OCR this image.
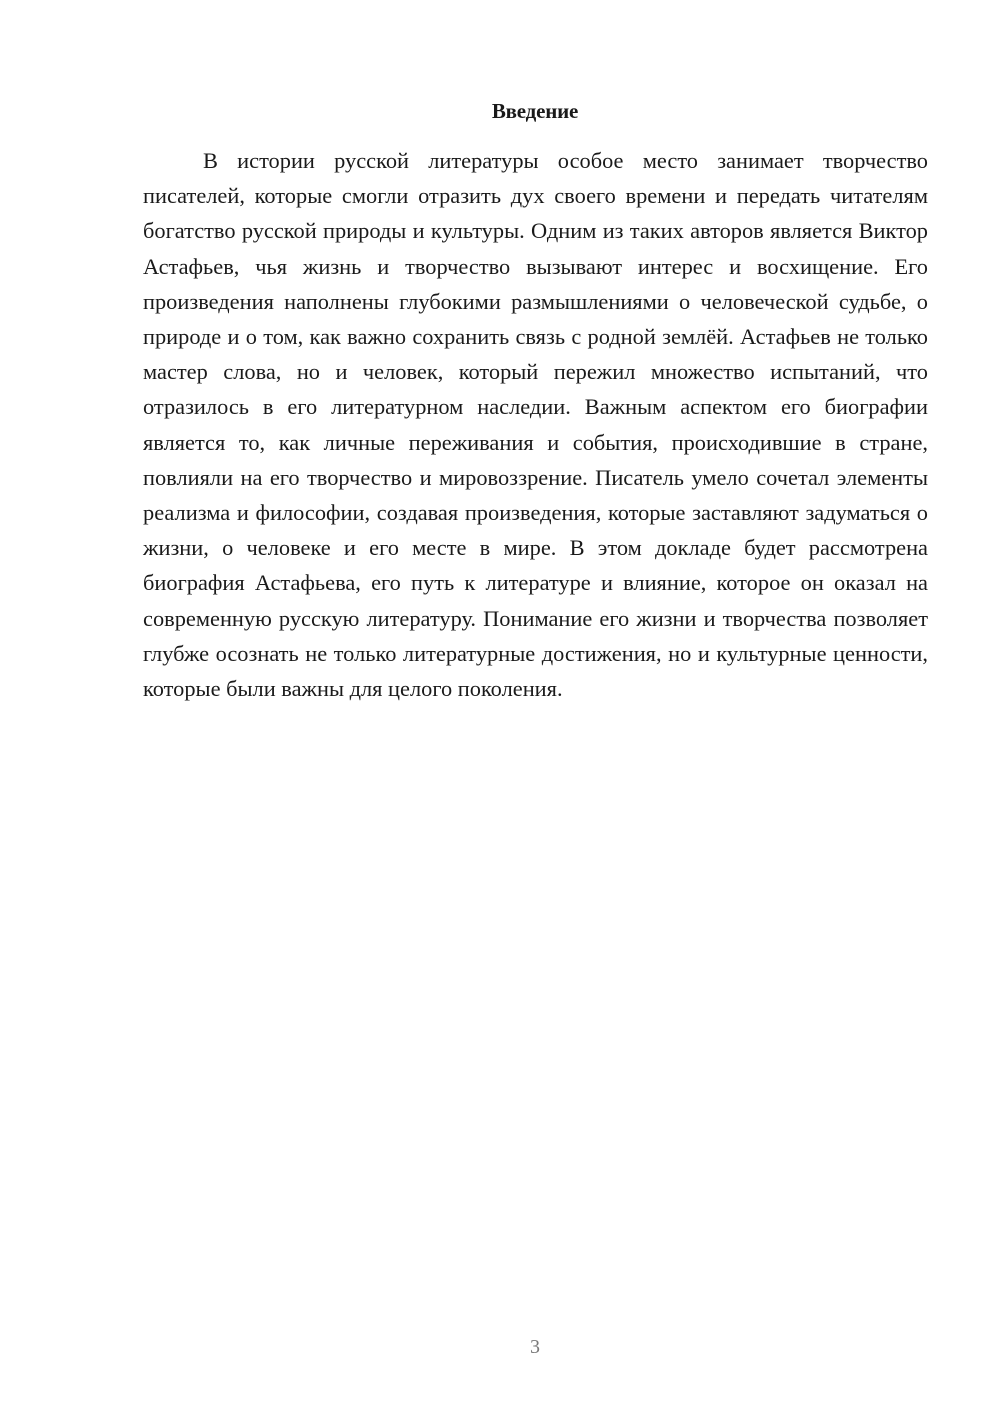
Введение

В истории русской литературы особое место занимает творчество писателей, которые смогли отразить дух своего времени и передать читателям богатство русской природы и культуры. Одним из таких авторов является Виктор Астафьев, чья жизнь и творчество вызывают интерес и восхищение. Его произведения наполнены глубокими размышлениями о человеческой судьбе, о природе и о том, как важно сохранить связь с родной землёй. Астафьев не только мастер слова, но и человек, который пережил множество испытаний, что отразилось в его литературном наследии. Важным аспектом его биографии является то, как личные переживания и события, происходившие в стране, повлияли на его творчество и мировоззрение. Писатель умело сочетал элементы реализма и философии, создавая произведения, которые заставляют задуматься о жизни, о человеке и его месте в мире. В этом докладе будет рассмотрена биография Астафьева, его путь к литературе и влияние, которое он оказал на современную русскую литературу. Понимание его жизни и творчества позволяет глубже осознать не только литературные достижения, но и культурные ценности, которые были важны для целого поколения.

3
